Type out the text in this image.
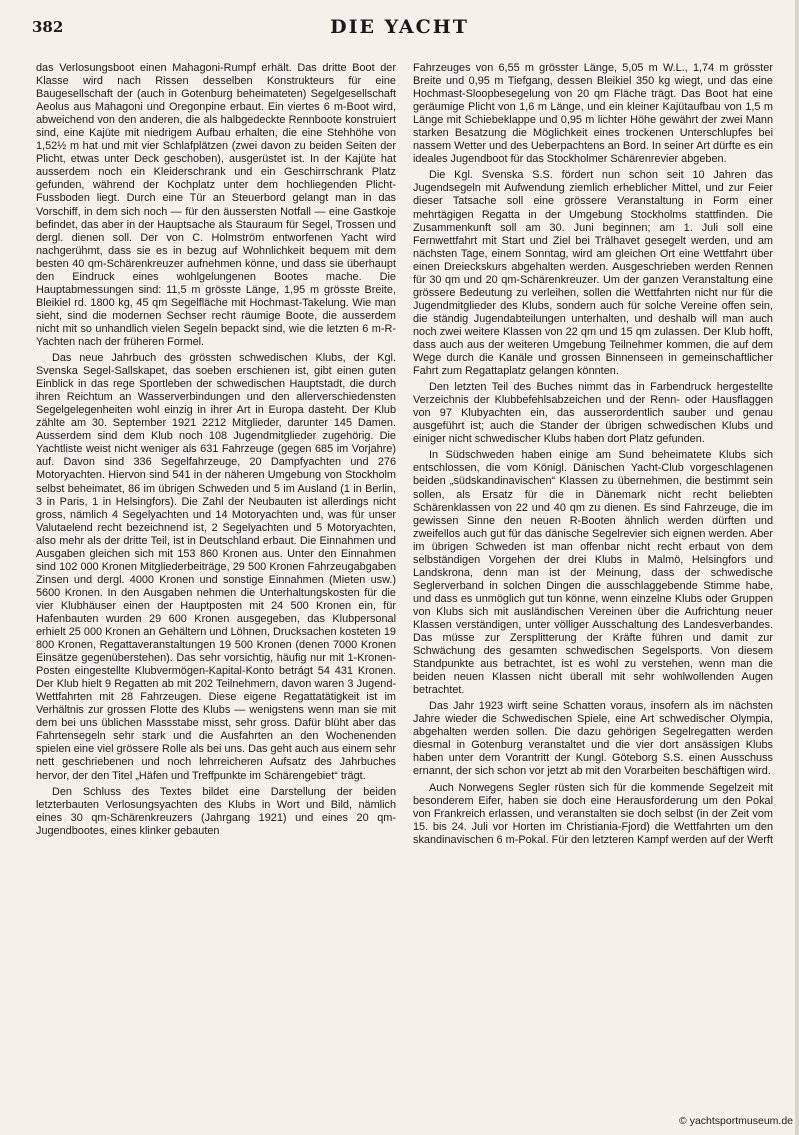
382	DIE YACHT

das Verlosungsboot einen Mahagoni-Rumpf erhält. Das dritte Boot der Klasse wird nach Rissen desselben Konstrukteurs für eine Baugesellschaft der (auch in Gotenburg beheimateten) Segelgesellschaft Aeolus aus Mahagoni und Oregonpine erbaut. Ein viertes 6 m-Boot wird, abweichend von den anderen, die als halbgedeckte Rennboote konstruiert sind, eine Kajüte mit niedrigem Aufbau erhalten, die eine Stehhöhe von 1,52½ m hat und mit vier Schlafplätzen (zwei davon zu beiden Seiten der Plicht, etwas unter Deck geschoben), ausgerüstet ist. In der Kajüte hat ausserdem noch ein Kleiderschrank und ein Geschirrschrank Platz gefunden, während der Kochplatz unter dem hochliegenden Plicht-Fussboden liegt. Durch eine Tür an Steuerbord gelangt man in das Vorschiff, in dem sich noch — für den äussersten Notfall — eine Gastkoje befindet, das aber in der Hauptsache als Stauraum für Segel, Trossen und dergl. dienen soll. Der von C. Holmström entworfenen Yacht wird nachgerühmt, dass sie es in bezug auf Wohnlichkeit bequem mit dem besten 40 qm-Schärenkreuzer aufnehmen könne, und dass sie überhaupt den Eindruck eines wohlgelungenen Bootes mache. Die Hauptabmessungen sind: 11,5 m grösste Länge, 1,95 m grösste Breite, Bleikiel rd. 1800 kg, 45 qm Segelfläche mit Hochmast-Takelung. Wie man sieht, sind die modernen Sechser recht räumige Boote, die ausserdem nicht mit so unhandlich vielen Segeln bepackt sind, wie die letzten 6 m-R-Yachten nach der früheren Formel.

Das neue Jahrbuch des grössten schwedischen Klubs, der Kgl. Svenska Segel-Sallskapet, das soeben erschienen ist, gibt einen guten Einblick in das rege Sportleben der schwedischen Hauptstadt, die durch ihren Reichtum an Wasserverbindungen und den allerverschiedensten Segelgelegenheiten wohl einzig in ihrer Art in Europa dasteht. Der Klub zählte am 30. September 1921 2212 Mitglieder, darunter 145 Damen. Ausserdem sind dem Klub noch 108 Jugendmitglieder zugehörig. Die Yachtliste weist nicht weniger als 631 Fahrzeuge (gegen 685 im Vorjahre) auf. Davon sind 336 Segelfahrzeuge, 20 Dampfyachten und 276 Motoryachten. Hiervon sind 541 in der näheren Umgebung von Stockholm selbst beheimatet, 86 im übrigen Schweden und 5 im Ausland (1 in Berlin, 3 in Paris, 1 in Helsingfors). Die Zahl der Neubauten ist allerdings nicht gross, nämlich 4 Segelyachten und 14 Motoryachten und, was für unser Valutaelend recht bezeichnend ist, 2 Segelyachten und 5 Motoryachten, also mehr als der dritte Teil, ist in Deutschland erbaut. Die Einnahmen und Ausgaben gleichen sich mit 153 860 Kronen aus. Unter den Einnahmen sind 102 000 Kronen Mitgliederbeiträge, 29 500 Kronen Fahrzeugabgaben Zinsen und dergl. 4000 Kronen und sonstige Einnahmen (Mieten usw.) 5600 Kronen. In den Ausgaben nehmen die Unterhaltungskosten für die vier Klubhäuser einen der Hauptposten mit 24 500 Kronen ein, für Hafenbauten wurden 29 600 Kronen ausgegeben, das Klubpersonal erhielt 25 000 Kronen an Gehältern und Löhnen, Drucksachen kosteten 19 800 Kronen, Regattaveranstaltungen 19 500 Kronen (denen 7000 Kronen Einsätze gegenüberstehen). Das sehr vorsichtig, häufig nur mit 1-Kronen-Posten eingestellte Klubvermögen-Kapital-Konto betrágt 54 431 Kronen. Der Klub hielt 9 Regatten ab mit 202 Teilnehmern, davon waren 3 Jugend-Wettfahrten mit 28 Fahrzeugen. Diese eigene Regattatätigkeit ist im Verhältnis zur grossen Flotte des Klubs — wenigstens wenn man sie mit dem bei uns üblichen Massstabe misst, sehr gross. Dafür blüht aber das Fahrtensegeln sehr stark und die Ausfahrten an den Wochenenden spielen eine viel grössere Rolle als bei uns. Das geht auch aus einem sehr nett geschriebenen und noch lehrreicheren Aufsatz des Jahrbuches hervor, der den Titel „Häfen und Treffpunkte im Schärengebiet“ trägt.

Den Schluss des Textes bildet eine Darstellung der beiden letzterbauten Verlosungsyachten des Klubs in Wort und Bild, nämlich eines 30 qm-Schärenkreuzers (Jahrgang 1921) und eines 20 qm-Jugendbootes, eines klinker gebauten

Fahrzeuges von 6,55 m grösster Länge, 5,05 m W.L., 1,74 m grösster Breite und 0,95 m Tiefgang, dessen Bleikiel 350 kg wiegt, und das eine Hochmast-Sloopbesegelung von 20 qm Fläche trägt. Das Boot hat eine geräumige Plicht von 1,6 m Länge, und ein kleiner Kajütaufbau von 1,5 m Länge mit Schiebeklappe und 0,95 m lichter Höhe gewährt der zwei Mann starken Besatzung die Möglichkeit eines trockenen Unterschlupfes bei nassem Wetter und des Ueberpachtens an Bord. In seiner Art dürfte es ein ideales Jugendboot für das Stockholmer Schärenrevier abgeben.

Die Kgl. Svenska S.S. fördert nun schon seit 10 Jahren das Jugendsegeln mit Aufwendung ziemlich erheblicher Mittel, und zur Feier dieser Tatsache soll eine grössere Veranstaltung in Form einer mehrtägigen Regatta in der Umgebung Stockholms stattfinden. Die Zusammenkunft soll am 30. Juni beginnen; am 1. Juli soll eine Fernwettfahrt mit Start und Ziel bei Trälhavet gesegelt werden, und am nächsten Tage, einem Sonntag, wird am gleichen Ort eine Wettfahrt über einen Dreieckskurs abgehalten werden. Ausgeschrieben werden Rennen für 30 qm und 20 qm-Schärenkreuzer. Um der ganzen Veranstaltung eine grössere Bedeutung zu verleihen, sollen die Wettfahrten nicht nur für die Jugendmitglieder des Klubs, sondern auch für solche Vereine offen sein, die ständig Jugendabteilungen unterhalten, und deshalb will man auch noch zwei weitere Klassen von 22 qm und 15 qm zulassen. Der Klub hofft, dass auch aus der weiteren Umgebung Teilnehmer kommen, die auf dem Wege durch die Kanäle und grossen Binnenseen in gemeinschaftlicher Fahrt zum Regattaplatz gelangen könnten.

Den letzten Teil des Buches nimmt das in Farbendruck hergestellte Verzeichnis der Klubbefehlsabzeichen und der Renn- oder Hausflaggen von 97 Klubyachten ein, das ausserordentlich sauber und genau ausgeführt ist; auch die Stander der übrigen schwedischen Klubs und einiger nicht schwedischer Klubs haben dort Platz gefunden.

In Südschweden haben einige am Sund beheimatete Klubs sich entschlossen, die vom Königl. Dänischen Yacht-Club vorgeschlagenen beiden „südskandinavischen“ Klassen zu übernehmen, die bestimmt sein sollen, als Ersatz für die in Dänemark nicht recht beliebten Schärenklassen von 22 und 40 qm zu dienen. Es sind Fahrzeuge, die im gewissen Sinne den neuen R-Booten ähnlich werden dürften und zweifellos auch gut für das dänische Segelrevier sich eignen werden. Aber im übrigen Schweden ist man offenbar nicht recht erbaut von dem selbständigen Vorgehen der drei Klubs in Malmö, Helsingfors und Landskrona, denn man ist der Meinung, dass der schwedische Seglerverband in solchen Dingen die ausschlaggebende Stimme habe, und dass es unmöglich gut tun könne, wenn einzelne Klubs oder Gruppen von Klubs sich mit ausländischen Vereinen über die Aufrichtung neuer Klassen verständigen, unter völliger Ausschaltung des Landesverbandes. Das müsse zur Zersplitterung der Kräfte führen und damit zur Schwächung des gesamten schwedischen Segelsports. Von diesem Standpunkte aus betrachtet, ist es wohl zu verstehen, wenn man die beiden neuen Klassen nicht überall mit sehr wohlwollenden Augen betrachtet.

Das Jahr 1923 wirft seine Schatten voraus, insofern als im nächsten Jahre wieder die Schwedischen Spiele, eine Art schwedischer Olympia, abgehalten werden sollen. Die dazu gehörigen Segelregatten werden diesmal in Gotenburg veranstaltet und die vier dort ansässigen Klubs haben unter dem Vorantritt der Kungl. Göteborg S.S. einen Ausschuss ernannt, der sich schon vor jetzt ab mit den Vorarbeiten beschäftigen wird.

Auch Norwegens Segler rüsten sich für die kommende Segelzeit mit besonderem Eifer, haben sie doch eine Herausforderung um den Pokal von Frankreich erlassen, und veranstalten sie doch selbst (in der Zeit vom 15. bis 24. Juli vor Horten im Christiania-Fjord) die Wettfahrten um den skandinavischen 6 m-Pokal. Für den letzteren Kampf werden auf der Werft

© yachtsportmuseum.de
